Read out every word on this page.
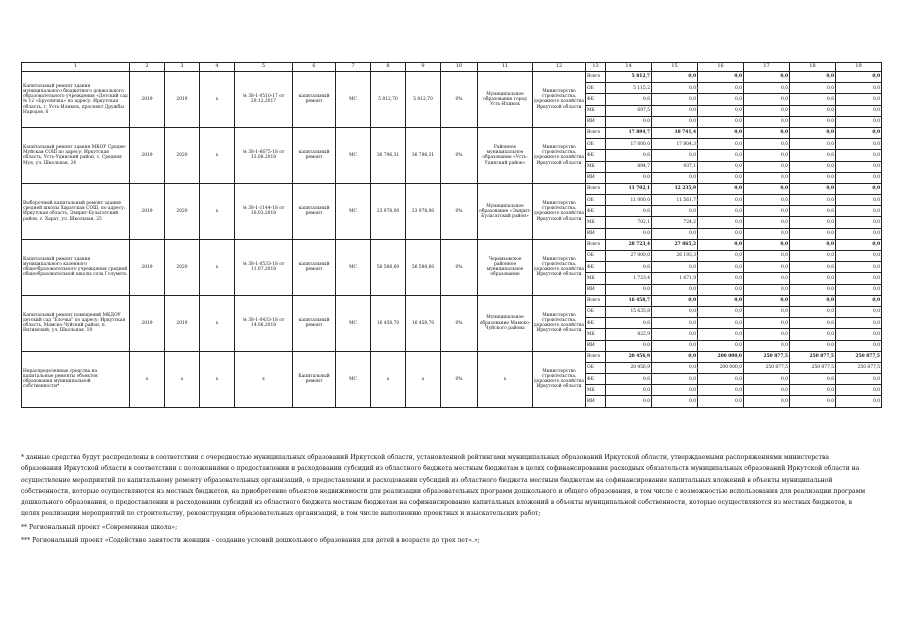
1	2	3	4	5	6	7	8	9	10	11	12	13	14	15	16	17	18	19
Капитальный ремонт здания муниципального бюджетного дошкольного образовательного учреждения «Детский сад № 12 «Брусничка» по адресу: Иркутская область, г. Усть-Илимск, проспект Дружбы Народов, 6	2019	2019	х	№ 38-1-0510-17 от 29.12.2017	капитальный ремонт	МС	5 812,70	5 812,70	0%	Муниципальное образование город Усть-Илимск	Министерство строительства, дорожного хозяйства Иркутской области	Всего	5 812,7	0,0	0,0	0,0	0,0	0,0
												ОБ	5 115,2	0,0	0,0	0,0	0,0	0,0
												ФБ	0,0	0,0	0,0	0,0	0,0	0,0
												МБ	697,5	0,0	0,0	0,0	0,0	0,0
												ИИ	0,0	0,0	0,0	0,0	0,0	0,0
Капитальный ремонт здания МКОУ Средне-Муйская СОШ по адресу: Иркутская область, Усть-Удинский район, с. Средняя Муя, ул. Школьная, 24	2019	2020	х	№ 38-1-6675-18 от 13.08.2018	капитальный ремонт	МС	36 796,31	36 796,31	0%	Районное муниципальное образование «Усть-Удинский район»	Министерство строительства, дорожного хозяйства Иркутской области	Всего	17 894,7	18 741,4	0,0	0,0	0,0	0,0
												ОБ	17 000,0	17 804,3	0,0	0,0	0,0	0,0
												ФБ	0,0	0,0	0,0	0,0	0,0	0,0
												МБ	894,7	937,1	0,0	0,0	0,0	0,0
												ИИ	0,0	0,0	0,0	0,0	0,0	0,0
Выборочный капитальный ремонт здания средней школы Харатская СОШ, по адресу: Иркутская область, Эхирит-Булагатский район, с. Харат, ул. Школьная, 25	2019	2020	х	№ 38-1-1144-18 от 16.03.2018	капитальный ремонт	МС	23 978,00	23 978,00	0%	Муниципальное образование «Эхирит-Булагатский район»	Министерство строительства, дорожного хозяйства Иркутской области	Всего	11 702,1	12 235,9	0,0	0,0	0,0	0,0
												ОБ	11 000,0	11 561,7	0,0	0,0	0,0	0,0
												ФБ	0,0	0,0	0,0	0,0	0,0	0,0
												МБ	702,1	724,2	0,0	0,0	0,0	0,0
												ИИ	0,0	0,0	0,0	0,0	0,0	0,0
Капитальный ремонт здания муниципального казенного общеобразовательного учреждения средней общеобразовательной школы села Голуметь	2019	2020	х	№ 38-1-0533-18 от 11.07.2018	капитальный ремонт	МС	56 588,60	56 588,60	0%	Черемховское районное муниципальное образование	Министерство строительства, дорожного хозяйства Иркутской области	Всего	28 723,4	27 865,2	0,0	0,0	0,0	0,0
												ОБ	27 000,0	26 193,3	0,0	0,0	0,0	0,0
												ФБ	0,0	0,0	0,0	0,0	0,0	0,0
												МБ	1 723,4	1 671,9	0,0	0,0	0,0	0,0
												ИИ	0,0	0,0	0,0	0,0	0,0	0,0
Капитальный ремонт помещений МКДОУ детский сад "Елочка" по адресу: Иркутская область, Мамско-Чуйский район, п. Витимский, ул. Школьная, 18	2019	2019	х	№ 38-1-0433-18 от 14.06.2018	капитальный ремонт	МС	16 458,70	16 458,70	0%	Муниципальное образование Мамско-Чуйского района	Министерство строительства, дорожного хозяйства Иркутской области	Всего	16 458,7	0,0	0,0	0,0	0,0	0,0
												ОБ	15 635,8	0,0	0,0	0,0	0,0	0,0
												ФБ	0,0	0,0	0,0	0,0	0,0	0,0
												МБ	822,9	0,0	0,0	0,0	0,0	0,0
												ИИ	0,0	0,0	0,0	0,0	0,0	0,0
Нераспределенные средства на капитальные ремонты объектов образования муниципальной собственности*	х	х	х	х	Капитальный ремонт	МС	х	х	0%	х	Министерство строительства, дорожного хозяйства Иркутской области	Всего	20 456,9	0,0	200 000,0	250 877,5	250 877,5	250 877,5
												ОБ	20 456,9	0,0	200 000,0	250 877,5	250 877,5	250 877,5
												ФБ	0,0	0,0	0,0	0,0	0,0	0,0
												МБ	0,0	0,0	0,0	0,0	0,0	0,0
												ИИ	0,0	0,0	0,0	0,0	0,0	0,0

* данные средства будут распределены в соответствии с очередностью муниципальных образований Иркутской области, установленной рейтингами муниципальных образований Иркутской области, утверждаемыми распоряжениями министерства образования Иркутской области в соответствии с положениями о предоставлении и расходовании субсидий из областного бюджета местным бюджетам в целях софинансирования расходных обязательств муниципальных образований Иркутской области на осуществление мероприятий по капитальному ремонту образовательных организаций, о предоставлении и расходовании субсидий из областного бюджета местным бюджетам на софинансирование капитальных вложений в объекты муниципальной собственности, которые осуществляются из местных бюджетов, на приобретение объектов недвижимости для реализации образовательных программ дошкольного и общего образования, в том числе с возможностью использования для реализации программ дошкольного образования, о предоставлении и расходовании субсидий из областного бюджета местным бюджетам на софинансирование капитальных вложений в объекты муниципальной собственности, которые осуществляются из местных бюджетов, в целях реализации мероприятий по строительству, реконструкции образовательных организаций, в том числе выполнению проектных и изыскательских работ;

** Региональный проект «Современная школа»;

*** Региональный проект «Содействие занятости женщин - создание условий дошкольного образования для детей в возрасте до трех лет».»;
